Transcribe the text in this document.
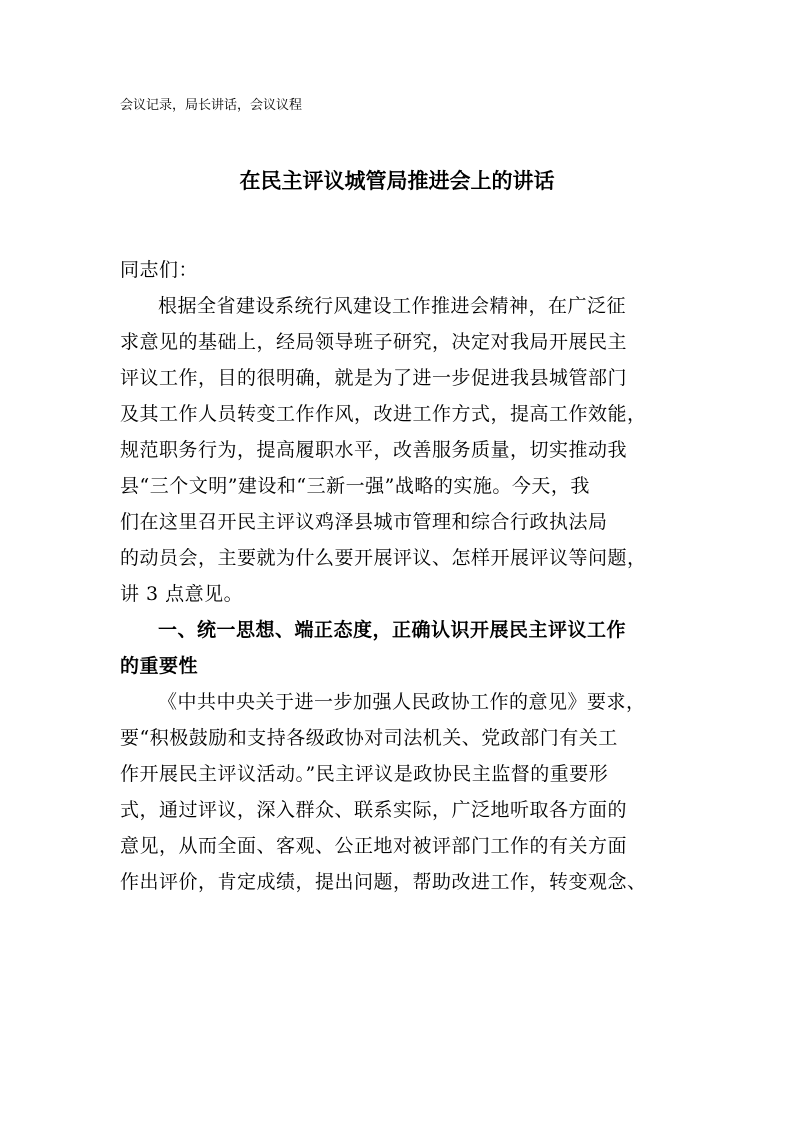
会议记录，局长讲话，会议议程
在民主评议城管局推进会上的讲话
同志们：
根据全省建设系统行风建设工作推进会精神，在广泛征
求意见的基础上，经局领导班子研究，决定对我局开展民主
评议工作，目的很明确，就是为了进一步促进我县城管部门
及其工作人员转变工作作风，改进工作方式，提高工作效能，
规范职务行为，提高履职水平，改善服务质量，切实推动我
县“三个文明”建设和“三新一强”战略的实施。今天，我
们在这里召开民主评议鸡泽县城市管理和综合行政执法局
的动员会，主要就为什么要开展评议、怎样开展评议等问题，
讲 3 点意见。
一、统一思想、端正态度，正确认识开展民主评议工作
的重要性
《中共中央关于进一步加强人民政协工作的意见》要求，
要“积极鼓励和支持各级政协对司法机关、党政部门有关工
作开展民主评议活动。”民主评议是政协民主监督的重要形
式，通过评议，深入群众、联系实际，广泛地听取各方面的
意见，从而全面、客观、公正地对被评部门工作的有关方面
作出评价，肯定成绩，提出问题，帮助改进工作，转变观念、
